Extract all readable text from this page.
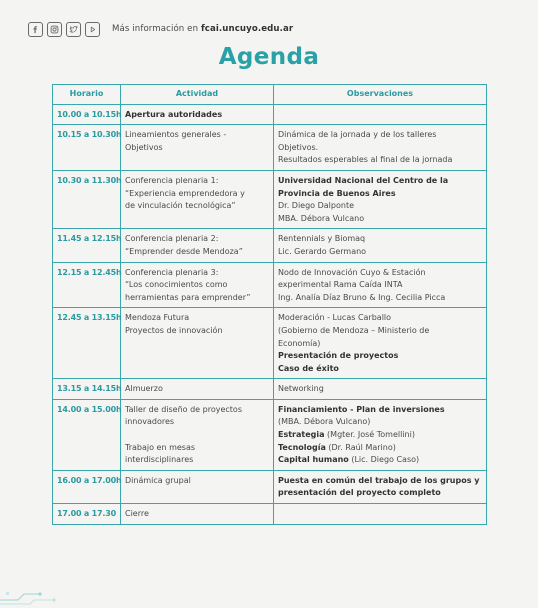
Más información en fcai.uncuyo.edu.ar
Agenda
Horario	Actividad	Observaciones
10.00 a 10.15h	Apertura autoridades	

10.15 a 10.30h	Lineamientos generales -
Objetivos	Dinámica de la jornada y de los talleres
Objetivos.
Resultados esperables al final de la jornada

10.30 a 11.30h	Conferencia plenaria 1:
“Experiencia emprendedora y
de vinculación tecnológica”	Universidad Nacional del Centro de la
Provincia de Buenos Aires
Dr. Diego Dalponte
MBA. Débora Vulcano

11.45 a 12.15h	Conferencia plenaria 2:
“Emprender desde Mendoza”	Rentennials y Biomaq
Lic. Gerardo Germano

12.15 a 12.45h	Conferencia plenaria 3:
“Los conocimientos como
herramientas para emprender”	Nodo de Innovación Cuyo & Estación
experimental Rama Caída INTA
Ing. Analía Díaz Bruno & Ing. Cecilia Picca

12.45 a 13.15h	Mendoza Futura
Proyectos de innovación	Moderación - Lucas Carballo
(Gobierno de Mendoza – Ministerio de
Economía)
Presentación de proyectos
Caso de éxito

13.15 a 14.15h	Almuerzo	Networking

14.00 a 15.00h	Taller de diseño de proyectos
innovadores
Trabajo en mesas
interdisciplinares	Financiamiento - Plan de inversiones
(MBA. Débora Vulcano)
Estrategia (Mgter. José Tomellini)
Tecnología (Dr. Raúl Marino)
Capital humano (Lic. Diego Caso)

16.00 a 17.00h	Dinámica grupal	Puesta en común del trabajo de los grupos y
presentación del proyecto completo

17.00 a 17.30	Cierre	
